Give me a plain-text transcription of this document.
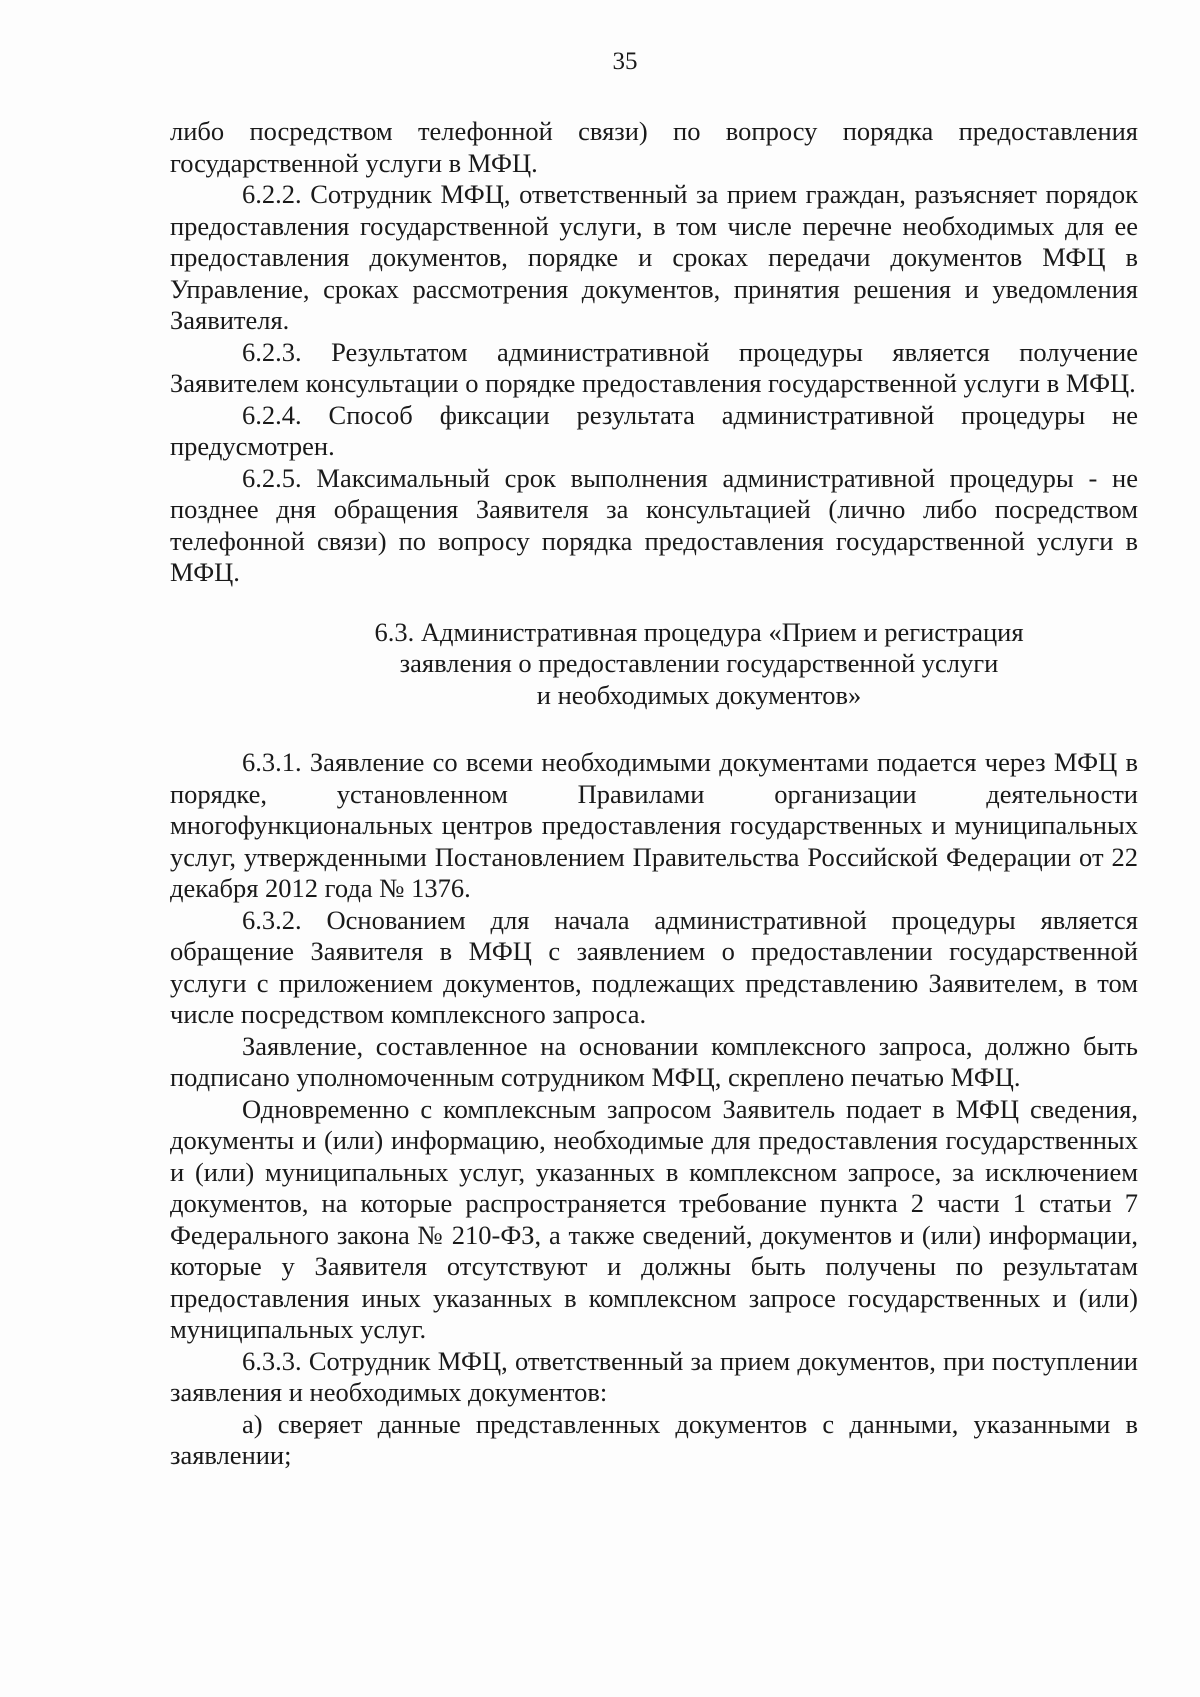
35

либо посредством телефонной связи) по вопросу порядка предоставления государственной услуги в МФЦ.

6.2.2. Сотрудник МФЦ, ответственный за прием граждан, разъясняет порядок предоставления государственной услуги, в том числе перечне необходимых для ее предоставления документов, порядке и сроках передачи документов МФЦ в Управление, сроках рассмотрения документов, принятия решения и уведомления Заявителя.

6.2.3. Результатом административной процедуры является получение Заявителем консультации о порядке предоставления государственной услуги в МФЦ.

6.2.4. Способ фиксации результата административной процедуры не предусмотрен.

6.2.5. Максимальный срок выполнения административной процедуры - не позднее дня обращения Заявителя за консультацией (лично либо посредством телефонной связи) по вопросу порядка предоставления государственной услуги в МФЦ.

6.3. Административная процедура «Прием и регистрация
заявления о предоставлении государственной услуги
и необходимых документов»

6.3.1. Заявление со всеми необходимыми документами подается через МФЦ в порядке, установленном Правилами организации деятельности многофункциональных центров предоставления государственных и муниципальных услуг, утвержденными Постановлением Правительства Российской Федерации от 22 декабря 2012 года № 1376.

6.3.2. Основанием для начала административной процедуры является обращение Заявителя в МФЦ с заявлением о предоставлении государственной услуги с приложением документов, подлежащих представлению Заявителем, в том числе посредством комплексного запроса.

Заявление, составленное на основании комплексного запроса, должно быть подписано уполномоченным сотрудником МФЦ, скреплено печатью МФЦ.

Одновременно с комплексным запросом Заявитель подает в МФЦ сведения, документы и (или) информацию, необходимые для предоставления государственных и (или) муниципальных услуг, указанных в комплексном запросе, за исключением документов, на которые распространяется требование пункта 2 части 1 статьи 7 Федерального закона № 210-ФЗ, а также сведений, документов и (или) информации, которые у Заявителя отсутствуют и должны быть получены по результатам предоставления иных указанных в комплексном запросе государственных и (или) муниципальных услуг.

6.3.3. Сотрудник МФЦ, ответственный за прием документов, при поступлении заявления и необходимых документов:

а) сверяет данные представленных документов с данными, указанными в заявлении;
